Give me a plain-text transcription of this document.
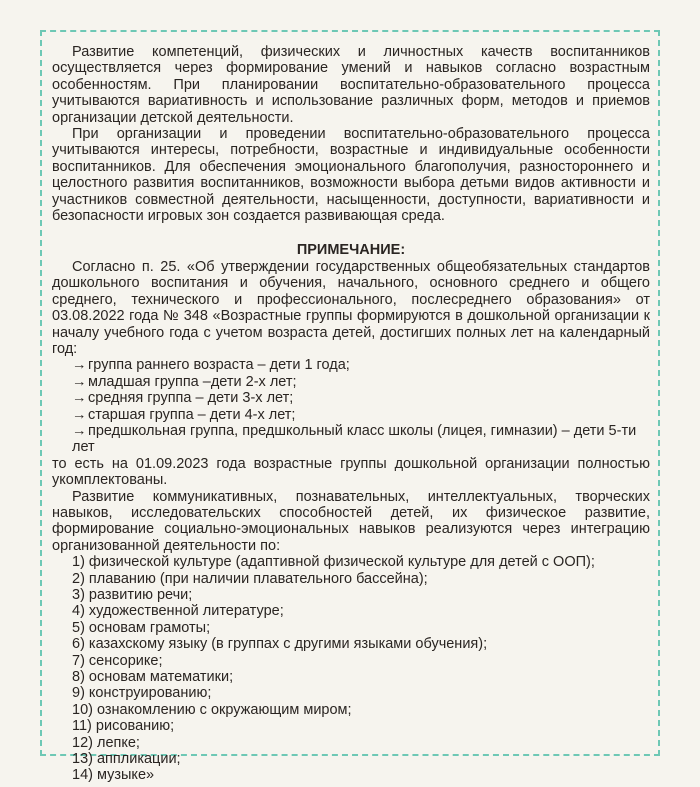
Развитие компетенций, физических и личностных качеств воспитанников осуществляется через формирование умений и навыков согласно возрастным особенностям. При планировании воспитательно-образовательного процесса учитываются вариативность и использование различных форм, методов и приемов организации детской деятельности.

При организации и проведении воспитательно-образовательного процесса учитываются интересы, потребности, возрастные и индивидуальные особенности воспитанников. Для обеспечения эмоционального благополучия, разностороннего и целостного развития воспитанников, возможности выбора детьми видов активности и участников совместной деятельности, насыщенности, доступности, вариативности и безопасности игровых зон создается развивающая среда.

ПРИМЕЧАНИЕ:

Согласно п. 25. «Об утверждении государственных общеобязательных стандартов дошкольного воспитания и обучения, начального, основного среднего и общего среднего, технического и профессионального, послесреднего образования» от 03.08.2022 года № 348 «Возрастные группы формируются в дошкольной организации к началу учебного года с учетом возраста детей, достигших полных лет на календарный год:

→ группа раннего возраста – дети 1 года;
→ младшая группа –дети 2-х лет;
→ средняя группа – дети 3-х лет;
→ старшая группа – дети 4-х лет;
→ предшкольная группа, предшкольный класс школы (лицея, гимназии) – дети 5-ти лет

то есть на 01.09.2023 года возрастные группы дошкольной организации полностью укомплектованы.

Развитие коммуникативных, познавательных, интеллектуальных, творческих навыков, исследовательских способностей детей, их физическое развитие, формирование социально-эмоциональных навыков реализуются через интеграцию организованной деятельности по:

1) физической культуре (адаптивной физической культуре для детей с ООП);
2) плаванию (при наличии плавательного бассейна);
3) развитию речи;
4) художественной литературе;
5) основам грамоты;
6) казахскому языку (в группах с другими языками обучения);
7) сенсорике;
8) основам математики;
9) конструированию;
10) ознакомлению с окружающим миром;
11) рисованию;
12) лепке;
13) аппликации;
14) музыке»
